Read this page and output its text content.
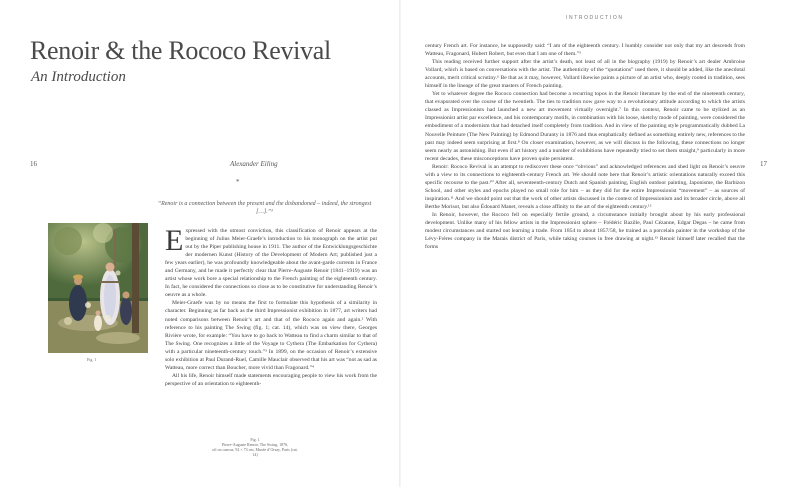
INTRODUCTION
Renoir & the Rococo Revival
An Introduction
16	17
Alexander Eiling
*
“Renoir is a connection between the present and the disbandoned – indeed, the strongest […].”¹
Fig. 1
Fig. 1
Pierre-Auguste Renoir, The Swing, 1876,
oil on canvas, 92 × 73 cm, Musée d’Orsay, Paris (cat. 14)

Expressed with the utmost conviction, this classification of Renoir appears at the beginning of Julius Meier-Graefe’s introduction to his monograph on the artist put out by the Piper publishing house in 1911. The author of the Entwicklungsgeschichte der modernen Kunst (History of the Development of Modern Art; published just a few years earlier), he was profoundly knowledgeable about the avant-garde currents in France and Germany, and he made it perfectly clear that Pierre-Auguste Renoir (1841–1919) was an artist whose work bore a special relationship to the French painting of the eighteenth century. In fact, he considered the connections so close as to be constitutive for understanding Renoir’s oeuvre as a whole.

Meier-Graefe was by no means the first to formulate this hypothesis of a similarity in character. Beginning as far back as the third Impressionist exhibition in 1877, art writers had noted comparisons between Renoir’s art and that of the Rococo again and again.² With reference to his painting The Swing (fig. 1; cat. 14), which was on view there, Georges Rivière wrote, for example: “You have to go back to Watteau to find a charm similar to that of The Swing. One recognizes a little of the Voyage to Cythera (The Embarkation for Cythera) with a particular nineteenth-century touch.”³ In 1899, on the occasion of Renoir’s extensive solo exhibition at Paul Durand-Ruel, Camille Mauclair observed that his art was “not as sad as Watteau, more correct than Boucher, more vivid than Fragonard.”⁴

All his life, Renoir himself made statements encouraging people to view his work from the perspective of an orientation to eighteenth-

century French art. For instance, he supposedly said: “I am of the eighteenth century. I humbly consider not only that my art descends from Watteau, Fragonard, Hubert Robert, but even that I am one of them.”⁵

This reading received further support after the artist’s death, not least of all in the biography (1919) by Renoir’s art dealer Ambroise Vollard, which is based on conversations with the artist. The authenticity of the “quotations” used there, it should be added, like the anecdotal accounts, merit critical scrutiny.⁶ Be that as it may, however, Vollard likewise paints a picture of an artist who, deeply rooted in tradition, sees himself in the lineage of the great masters of French painting.

Yet to whatever degree the Rococo connection had become a recurring topos in the Renoir literature by the end of the nineteenth century, that evaporated over the course of the twentieth. The ties to tradition now gave way to a revolutionary attitude according to which the artists classed as Impressionists had launched a new art movement virtually overnight.⁷ In this context, Renoir came to be stylized as an Impressionist artist par excellence, and his contemporary motifs, in combination with his loose, sketchy mode of painting, were considered the embodiment of a modernism that had detached itself completely from tradition. And in view of the painting style programmatically dubbed La Nouvelle Peinture (The New Painting) by Edmond Duranty in 1876 and thus emphatically defined as something entirely new, references to the past may indeed seem surprising at first.⁸ On closer examination, however, as we will discuss in the following, these connections no longer seem nearly as astonishing. But even if art history and a number of exhibitions have repeatedly tried to set them straight,⁹ particularly in more recent decades, these misconceptions have proven quite persistent.

Renoir: Rococo Revival is an attempt to rediscover these once “obvious” and acknowledged references and shed light on Renoir’s oeuvre with a view to its connections to eighteenth-century French art. We should note here that Renoir’s artistic orientations naturally exceed this specific recourse to the past.¹⁰ After all, seventeenth-century Dutch and Spanish painting, English outdoor painting, Japonisme, the Barbizon School, and other styles and epochs played no small role for him – as they did for the entire Impressionist “movement” – as sources of inspiration.¹¹ And we should point out that the work of other artists discussed in the context of Impressionism and its broader circle, above all Berthe Morisot, but also Édouard Manet, reveals a close affinity to the art of the eighteenth century.¹²

In Renoir, however, the Rococo fell on especially fertile ground, a circumstance initially brought about by his early professional development. Unlike many of his fellow artists in the Impressionist sphere – Frédéric Bazille, Paul Cézanne, Edgar Degas – he came from modest circumstances and started out learning a trade. From 1854 to about 1857/58, he trained as a porcelain painter in the workshop of the Lévy-Frères company in the Marais district of Paris, while taking courses in free drawing at night.¹³ Renoir himself later recalled that the forms
